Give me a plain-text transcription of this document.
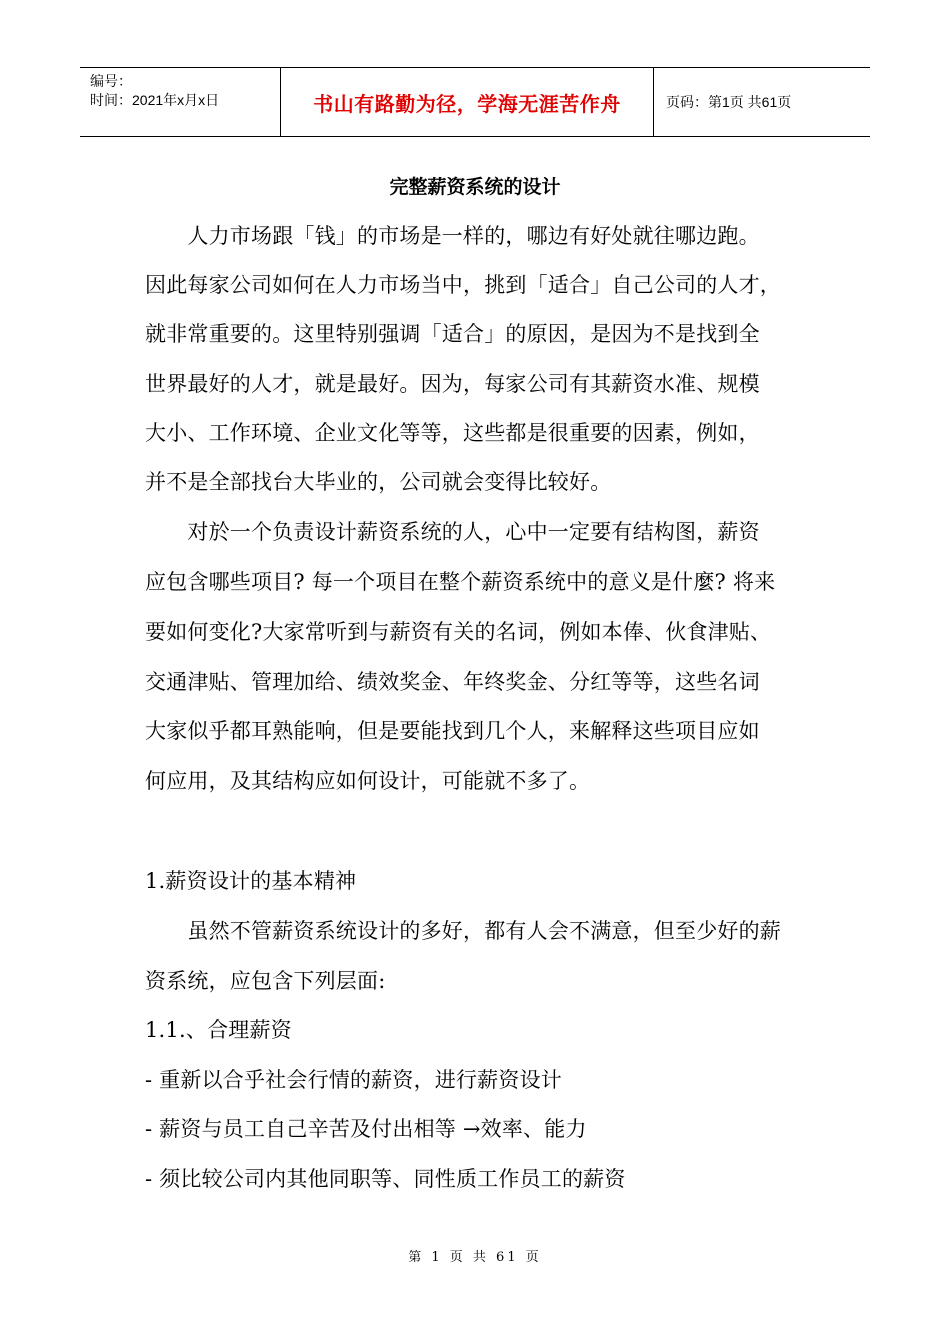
编号：
时间：2021年x月x日	书山有路勤为径，学海无涯苦作舟	页码：第1页 共61页
完整薪资系统的设计
　　人力市场跟「钱」的市场是一样的，哪边有好处就往哪边跑。
因此每家公司如何在人力市场当中，挑到「适合」自己公司的人才，
就非常重要的。这里特别强调「适合」的原因，是因为不是找到全
世界最好的人才，就是最好。因为，每家公司有其薪资水准、规模
大小、工作环境、企业文化等等，这些都是很重要的因素，例如，
并不是全部找台大毕业的，公司就会变得比较好。
　　对於一个负责设计薪资系统的人，心中一定要有结构图，薪资
应包含哪些项目? 每一个项目在整个薪资系统中的意义是什麼? 将来
要如何变化?大家常听到与薪资有关的名词，例如本俸、伙食津贴、
交通津贴、管理加给、绩效奖金、年终奖金、分红等等，这些名词
大家似乎都耳熟能响，但是要能找到几个人，来解释这些项目应如
何应用，及其结构应如何设计，可能就不多了。
1.薪资设计的基本精神
　　虽然不管薪资系统设计的多好，都有人会不满意，但至少好的薪
资系统，应包含下列层面:
1.1.、合理薪资
- 重新以合乎社会行情的薪资，进行薪资设计
- 薪资与员工自己辛苦及付出相等 →效率、能力
- 须比较公司内其他同职等、同性质工作员工的薪资
第 1 页 共 61 页
